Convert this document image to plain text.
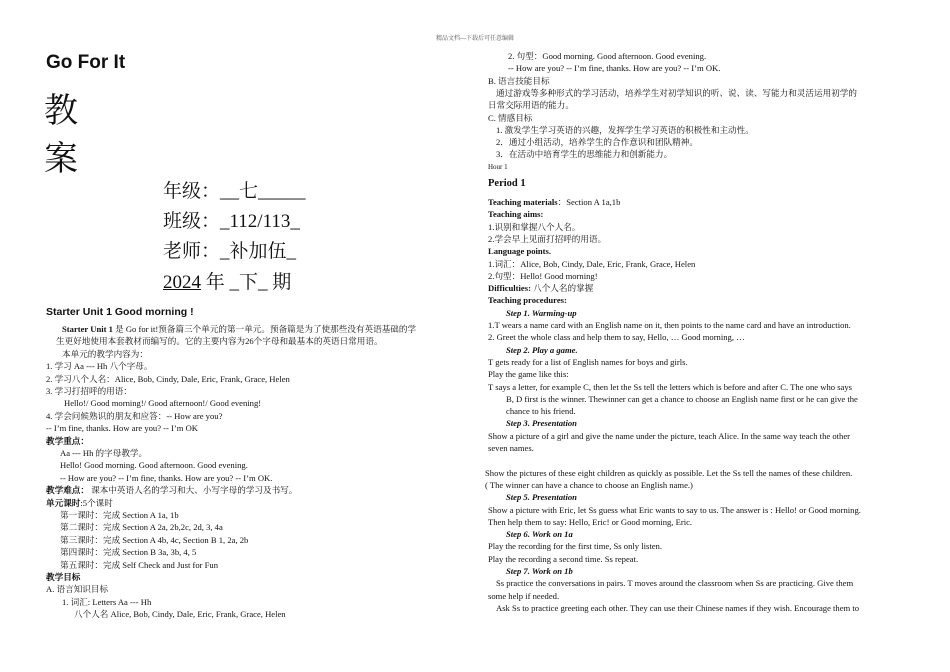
精品文档---下载后可任意编辑
Go For It
教
案
年级：__七_____
班级：_112/113_
老师：_补加伍_
2024 年 _下_ 期
Starter Unit 1 Good morning !
Starter Unit 1 是 Go for it!预备篇三个单元的第一单元。预备篇是为了使那些没有英语基础的学
生更好地使用本套教材而编写的。它的主要内容为26个字母和最基本的英语日常用语。
本单元的教学内容为：
1. 学习 Aa --- Hh 八个字母。
2. 学习八个人名：Alice, Bob, Cindy, Dale, Eric, Frank, Grace, Helen
3. 学习打招呼的用语：
Hello!/ Good morning!/ Good afternoon!/ Good evening!
4. 学会问候熟识的朋友和应答：-- How are you?
-- I’m fine, thanks. How are you? -- I’m OK
教学重点：
Aa --- Hh 的字母教学。
Hello! Good morning. Good afternoon. Good evening.
-- How are you? -- I’m fine, thanks. How are you? -- I’m OK.
教学难点： 课本中英语人名的学习和大、小写字母的学习及书写。
单元课时:5个课时
第一课时：完成 Section A 1a, 1b
第二课时：完成 Section A 2a, 2b,2c, 2d, 3, 4a
第三课时：完成 Section A 4b, 4c, Section B 1, 2a, 2b
第四课时：完成 Section B 3a, 3b, 4, 5
第五课时：完成 Self Check and Just for Fun
教学目标
A. 语言知识目标
1. 词汇: Letters Aa --- Hh
八个人名 Alice, Bob, Cindy, Dale, Eric, Frank, Grace, Helen
2. 句型：Good morning. Good afternoon. Good evening.
-- How are you? -- I’m fine, thanks. How are you? -- I’m OK.
B. 语言技能目标
通过游戏等多种形式的学习活动，培养学生对初学知识的听、说、读、写能力和灵活运用初学的
日常交际用语的能力。
C. 情感目标
1. 激发学生学习英语的兴趣，发挥学生学习英语的积极性和主动性。
2．通过小组活动，培养学生的合作意识和团队精神。
3．在活动中培育学生的思维能力和创新能力。
Hour 1
Period 1
Teaching materials：Section A 1a,1b
Teaching aims:
1.识别和掌握八个人名。
2.学会早上见面打招呼的用语。
Language points.
1.词汇：Alice, Bob, Cindy, Dale, Eric, Frank, Grace, Helen
2.句型：Hello! Good morning!
Difficulties: 八个人名的掌握
Teaching procedures:
Step 1. Warming-up
1.T wears a name card with an English name on it, then points to the name card and have an introduction.
2. Greet the whole class and help them to say, Hello, … Good morning, …
Step 2. Play a game.
T gets ready for a list of English names for boys and girls.
Play the game like this:
T says a letter, for example C, then let the Ss tell the letters which is before and after C. The one who says
B, D first is the winner. Thewinner can get a chance to choose an English name first or he can give the
chance to his friend.
Step 3. Presentation
Show a picture of a girl and give the name under the picture, teach Alice. In the same way teach the other
seven names.
Show the pictures of these eight children as quickly as possible. Let the Ss tell the names of these children.
( The winner can have a chance to choose an English name.)
Step 5. Presentation
Show a picture with Eric, let Ss guess what Eric wants to say to us. The answer is : Hello! or Good morning.
Then help them to say: Hello, Eric! or Good morning, Eric.
Step 6. Work on 1a
Play the recording for the first time, Ss only listen.
Play the recording a second time. Ss repeat.
Step 7. Work on 1b
Ss practice the conversations in pairs. T moves around the classroom when Ss are practicing. Give them
some help if needed.
Ask Ss to practice greeting each other. They can use their Chinese names if they wish. Encourage them to
